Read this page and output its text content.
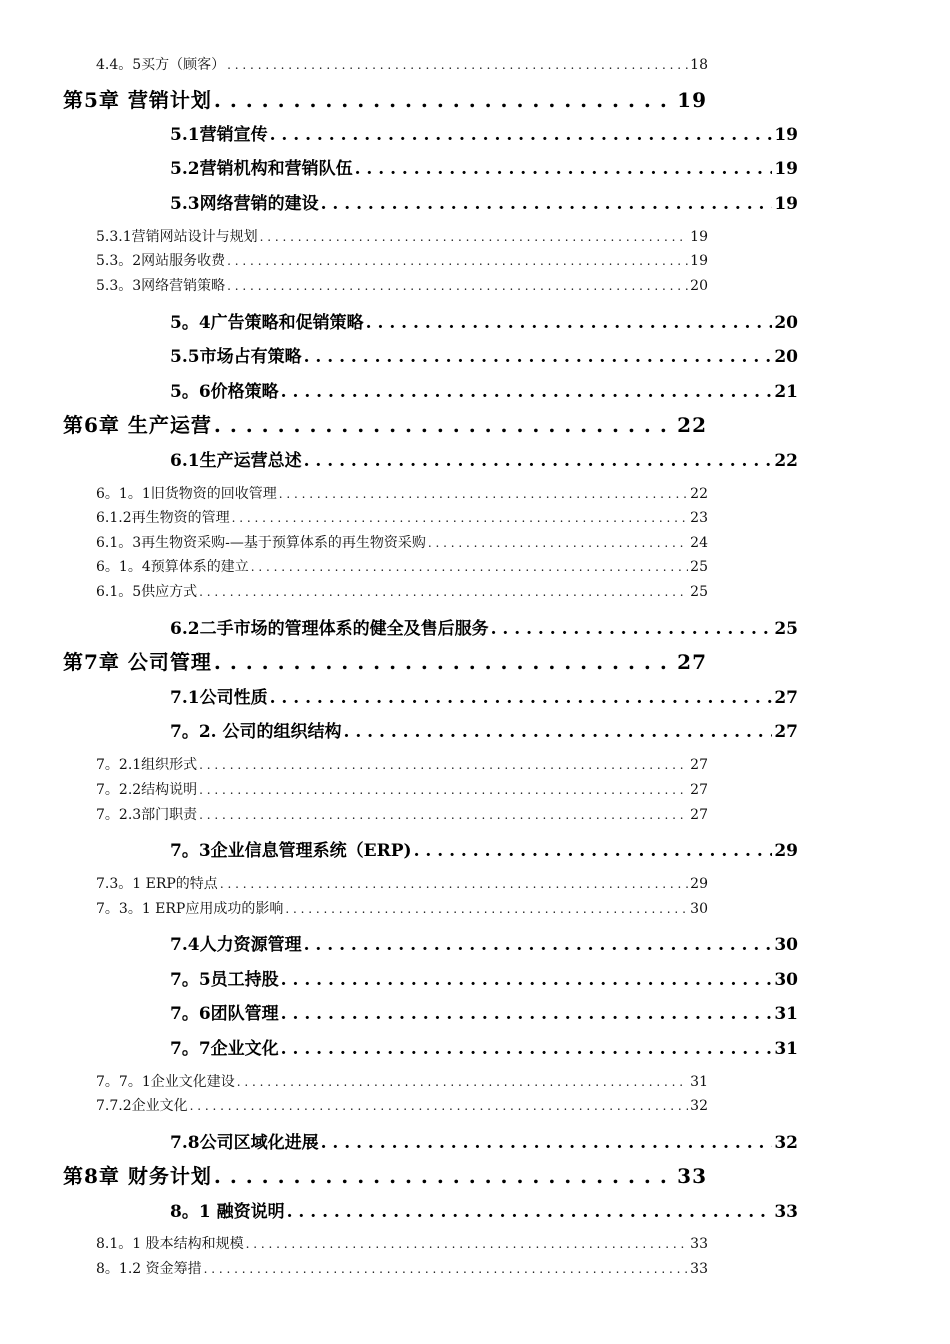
4.4。5买方（顾客） . . .	18
第5章 营销计划 . . .	19
5.1营销宣传 . . .	19
5.2营销机构和营销队伍 . . .	19
5.3网络营销的建设 . . .	19
5.3.1营销网站设计与规划 . . .	19
5.3。2网站服务收费 . . .	19
5.3。3网络营销策略 . . .	20
5。4广告策略和促销策略 . . .	20
5.5市场占有策略 . . .	20
5。6价格策略 . . .	21
第6章 生产运营 . . .	22
6.1生产运营总述 . . .	22
6。1。1旧货物资的回收管理 . . .	22
6.1.2再生物资的管理 . . .	23
6.1。3再生物资采购-—基于预算体系的再生物资采购 . . .	24
6。1。4预算体系的建立 . . .	25
6.1。5供应方式 . . .	25
6.2二手市场的管理体系的健全及售后服务 . . .	25
第7章 公司管理 . . .	27
7.1公司性质 . . .	27
7。2. 公司的组织结构 . . .	27
7。2.1组织形式 . . .	27
7。2.2结构说明 . . .	27
7。2.3部门职责 . . .	27
7。3企业信息管理系统（ERP) . . .	29
7.3。1 ERP的特点 . . .	29
7。3。1 ERP应用成功的影响 . . .	30
7.4人力资源管理 . . .	30
7。5员工持股 . . .	30
7。6团队管理 . . .	31
7。7企业文化 . . .	31
7。7。1企业文化建设 . . .	31
7.7.2企业文化 . . .	32
7.8公司区域化进展 . . .	32
第8章 财务计划 . . .	33
8。1 融资说明 . . .	33
8.1。1 股本结构和规模 . . .	33
8。1.2 资金筹措 . . .	33
